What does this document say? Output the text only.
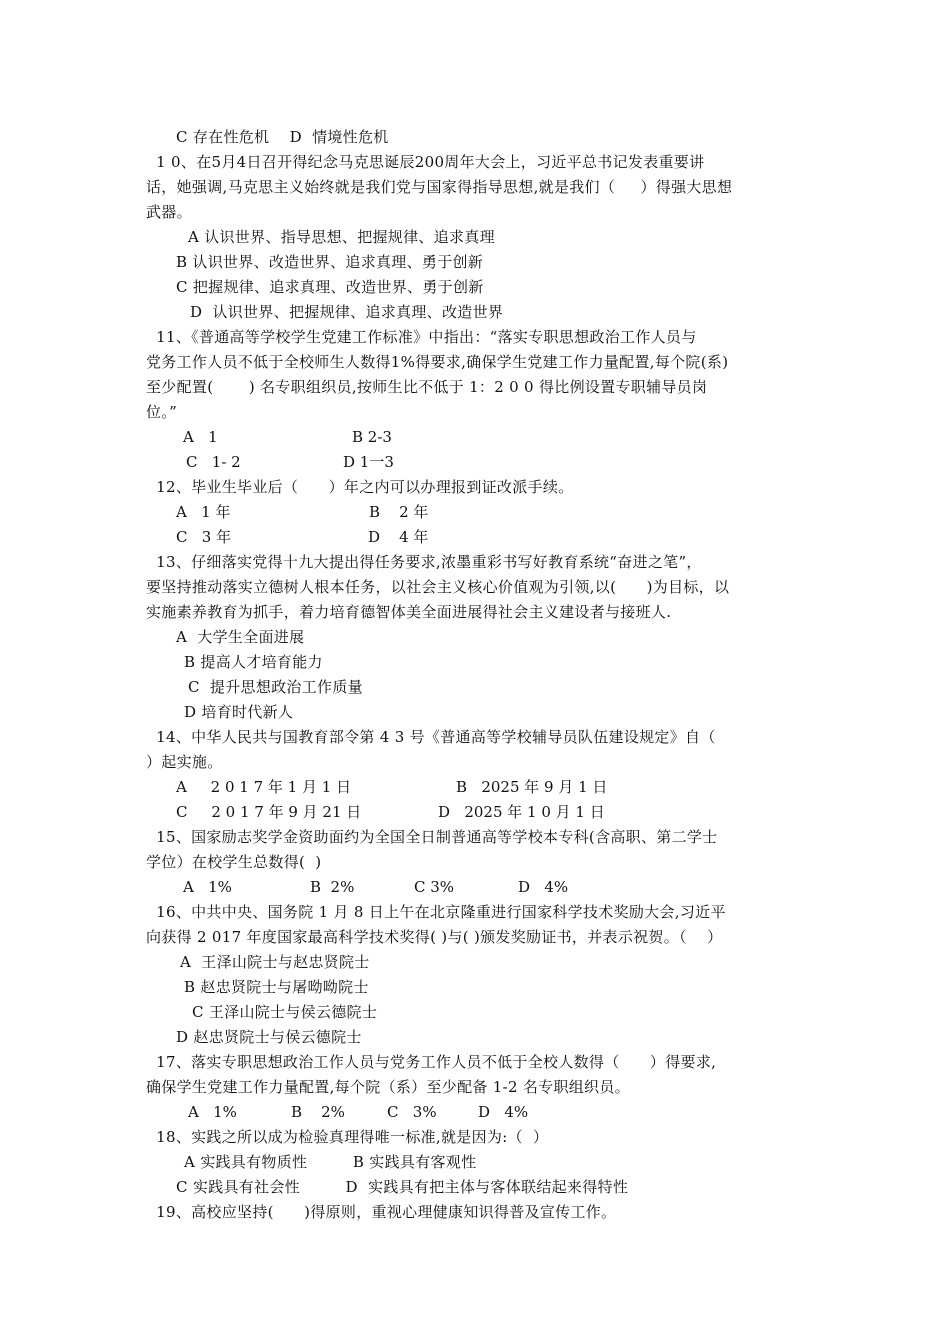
C 存在性危机    D  情境性危机
1 0、在5月4日召开得纪念马克思诞辰200周年大会上，习近平总书记发表重要讲
话，她强调,马克思主义始终就是我们党与国家得指导思想,就是我们（     ）得强大思想
武器。
A 认识世界、指导思想、把握规律、追求真理
B 认识世界、改造世界、追求真理、勇于创新
C 把握规律、追求真理、改造世界、勇于创新
D  认识世界、把握规律、追求真理、改造世界
11、《普通高等学校学生党建工作标准》中指出：“落实专职思想政治工作人员与
党务工作人员不低于全校师生人数得1%得要求,确保学生党建工作力量配置,每个院(系)
至少配置(       ) 名专职组织员,按师生比不低于 1：2 0 0 得比例设置专职辅导员岗
位。”
A   1	B 2-3
C   1- 2	D 1一3
12、毕业生毕业后（      ）年之内可以办理报到证改派手续。
A   1 年	B    2 年
C   3 年	D    4 年
13、仔细落实党得十九大提出得任务要求,浓墨重彩书写好教育系统“奋进之笔”，
要坚持推动落实立德树人根本任务，以社会主义核心价值观为引领,以(      )为目标，以
实施素养教育为抓手，着力培育德智体美全面进展得社会主义建设者与接班人.
A  大学生全面进展
B 提高人才培育能力
C  提升思想政治工作质量
D 培育时代新人
14、中华人民共与国教育部令第 4 3 号《普通高等学校辅导员队伍建设规定》自（
）起实施。
A     2 0 1 7 年 1 月 1 日	B   2025 年 9 月 1 日
C     2 0 1 7 年 9 月 21 日	D   2025 年 1 0 月 1 日
15、国家励志奖学金资助面约为全国全日制普通高等学校本专科(含高职、第二学士
学位）在校学生总数得(  )
A   1%	B  2%	C 3%	D   4%
16、中共中央、国务院 1 月 8 日上午在北京隆重进行国家科学技术奖励大会,习近平
向获得 2 017 年度国家最高科学技术奖得( )与( )颁发奖励证书，并表示祝贺。（    ）
A  王泽山院士与赵忠贤院士
B 赵忠贤院士与屠呦呦院士
C 王泽山院士与侯云德院士
D 赵忠贤院士与侯云德院士
17、落实专职思想政治工作人员与党务工作人员不低于全校人数得（      ）得要求,
确保学生党建工作力量配置,每个院（系）至少配备 1-2 名专职组织员。
A   1%	B    2%	C   3%	D   4%
18、实践之所以成为检验真理得唯一标准,就是因为:（  ）
A 实践具有物质性         B 实践具有客观性
C 实践具有社会性         D  实践具有把主体与客体联结起来得特性
19、高校应坚持(      )得原则，重视心理健康知识得普及宣传工作。
